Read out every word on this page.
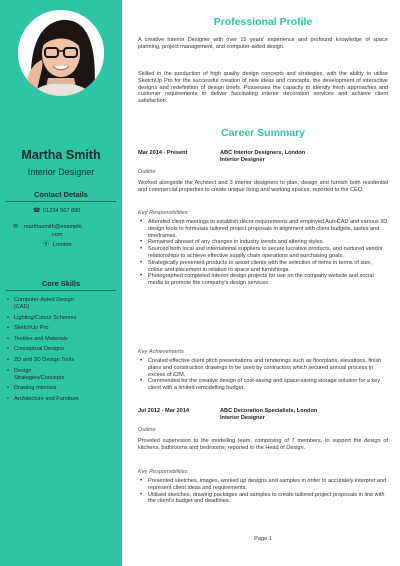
Martha Smith
Interior Designer
Contact Details
☎ 01234 567 890
✉ marthasmith@example.
com
⦿ London
Core Skills
• Computer-Aided Design
(CAD)
• Lighting/Colour Schemes
• SketchUp Pro
• Textiles and Materials
• Conceptual Designs
• 2D and 3D Design Tools
• Design
Strategies/Concepts
• Drawing Interiors
• Architecture and Furniture
Professional Profile
A creative Interior Designer with over 15 years' experience and profound knowledge of space planning, project management, and computer-aided design.
Skilled in the production of high quality design concepts and strategies, with the ability to utilise SketchUp Pro for the successful creation of new ideas and concepts, the development of interactive designs and redefinition of design briefs. Possesses the capacity to identify fresh approaches and customer requirements to deliver fascinating interior decoration services and achieve client satisfaction.
Career Summary
Mar 2014 - Present	ABC Interior Designers, London
Interior Designer
Outline
Worked alongside the Architect and 3 interior designers to plan, design and furnish both residential and commercial properties to create unique living and working spaces; reported to the CEO.
Key Responsibilities
• Attended client meetings to establish décor requirements and employed AutoCAD and various 3D design tools to formulate tailored project proposals in alignment with client budgets, tastes and timeframes.
• Remained abreast of any changes in industry trends and altering styles.
• Sourced both local and international suppliers to secure lucrative products, and nurtured vendor relationships to achieve effective supply chain operations and purchasing goals.
• Strategically presented products to assist clients with the selection of items in terms of size, colour and placement in relation to space and furnishings.
• Photographed completed interior design projects for use on the company website and social media to promote the company's design services.
Key Achievements
• Created effective client pitch presentations and renderings such as floorplans, elevations, finish plans and construction drawings to be used by contractors which secured annual process in excess of £2M.
• Commended for the creative design of cost-saving and space-saving storage solution for a key client with a limited remodelling budget.
Jul 2012 - Mar 2014	ABC Decoration Specialists, London
Interior Designer
Outline
Provided supervision to the modelling team, comprising of 7 members, to support the design of kitchens, bathrooms and bedrooms; reported to the Head of Design.
Key Responsibilities
• Presented sketches, images, worked up designs and samples in order to accurately interpret and represent client ideas and requirements.
• Utilised sketches, drawing packages and samples to create tailored project proposals in line with the client's budget and deadlines.
Page 1
